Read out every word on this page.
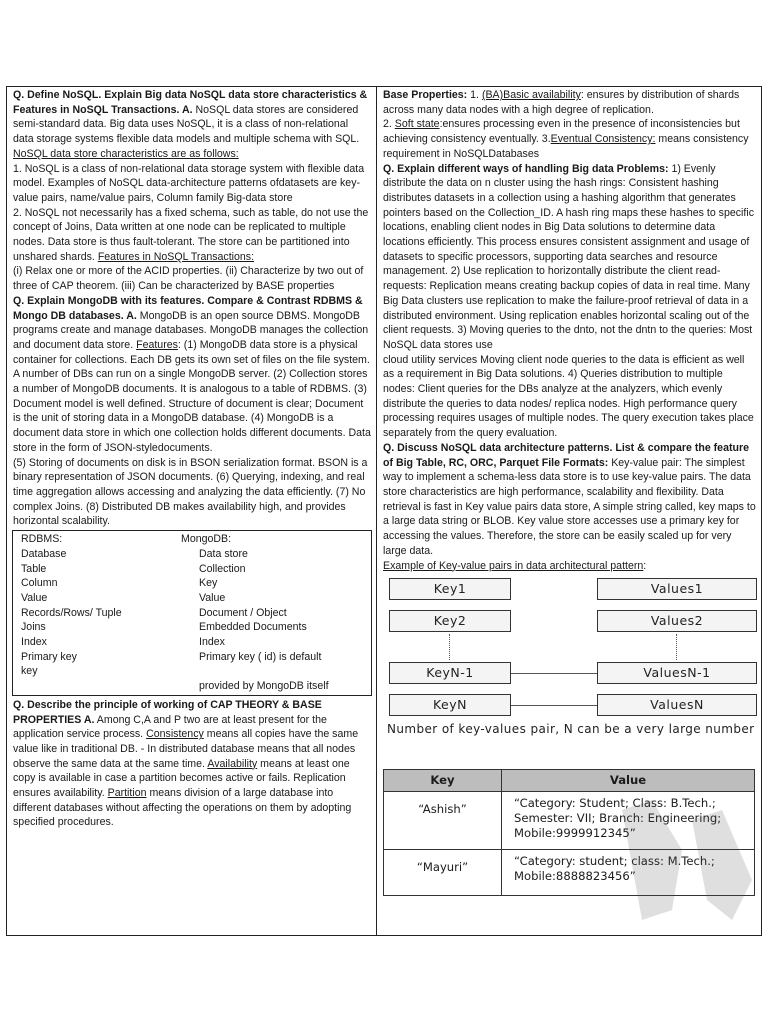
Q. Define NoSQL. Explain Big data NoSQL data store characteristics & Features in NoSQL Transactions. A. NoSQL data stores are considered semi-standard data. Big data uses NoSQL, it is a class of non-relational data storage systems flexible data models and multiple schema with SQL. NoSQL data store characteristics are as follows:

1. NoSQL is a class of non-relational data storage system with flexible data model. Examples of NoSQL data-architecture patterns ofdatasets are key-value pairs, name/value pairs, Column family Big-data store

2. NoSQL not necessarily has a fixed schema, such as table, do not use the concept of Joins, Data written at one node can be replicated to multiple nodes. Data store is thus fault-tolerant. The store can be partitioned into unshared shards. Features in NoSQL Transactions:

(i) Relax one or more of the ACID properties. (ii) Characterize by two out of three of CAP theorem. (iii) Can be characterized by BASE properties

Q. Explain MongoDB with its features. Compare & Contrast RDBMS & Mongo DB databases. A. MongoDB is an open source DBMS. MongoDB programs create and manage databases. MongoDB manages the collection and document data store. Features: (1) MongoDB data store is a physical container for collections. Each DB gets its own set of files on the file system. A number of DBs can run on a single MongoDB server. (2) Collection stores a number of MongoDB documents. It is analogous to a table of RDBMS. (3) Document model is well defined. Structure of document is clear; Document is the unit of storing data in a MongoDB database. (4) MongoDB is a document data store in which one collection holds different documents. Data store in the form of JSON-styledocuments.

(5) Storing of documents on disk is in BSON serialization format. BSON is a binary representation of JSON documents. (6) Querying, indexing, and real time aggregation allows accessing and analyzing the data efficiently. (7) No complex Joins. (8) Distributed DB makes availability high, and provides horizontal scalability.

RDBMS:	MongoDB:
Database	Data store
Table	Collection
Column	Key
Value	Value
Records/Rows/ Tuple	Document / Object
Joins	Embedded Documents
Index	Index
Primary key	Primary key ( id) is default
key
provided by MongoDB itself

Q. Describe the principle of working of CAP THEORY & BASE PROPERTIES A. Among C,A and P two are at least present for the application service process. Consistency means all copies have the same value like in traditional DB. - In distributed database means that all nodes observe the same data at the same time. Availability means at least one copy is available in case a partition becomes active or fails. Replication ensures availability. Partition means division of a large database into different databases without affecting the operations on them by adopting specified procedures.

Base Properties: 1. (BA)Basic availability: ensures by distribution of shards across many data nodes with a high degree of replication.

2. Soft state:ensures processing even in the presence of inconsistencies but achieving consistency eventually. 3.Eventual Consistency: means consistency requirement in NoSQLDatabases

Q. Explain different ways of handling Big data Problems: 1) Evenly distribute the data on n cluster using the hash rings: Consistent hashing distributes datasets in a collection using a hashing algorithm that generates pointers based on the Collection_ID. A hash ring maps these hashes to specific locations, enabling client nodes in Big Data solutions to determine data locations efficiently. This process ensures consistent assignment and usage of datasets to specific processors, supporting data searches and resource management. 2) Use replication to horizontally distribute the client read-requests: Replication means creating backup copies of data in real time. Many Big Data clusters use replication to make the failure-proof retrieval of data in a distributed environment. Using replication enables horizontal scaling out of the client requests. 3) Moving queries to the dnto, not the dntn to the queries: Most NoSQL data stores use

cloud utility services Moving client node queries to the data is efficient as well as a requirement in Big Data solutions. 4) Queries distribution to multiple nodes: Client queries for the DBs analyze at the analyzers, which evenly distribute the queries to data nodes/ replica nodes. High performance query processing requires usages of multiple nodes. The query execution takes place separately from the query evaluation.

Q. Discuss NoSQL data architecture patterns. List & compare the feature of Big Table, RC, ORC, Parquet File Formats: Key-value pair: The simplest way to implement a schema-less data store is to use key-value pairs. The data store characteristics are high performance, scalability and flexibility. Data retrieval is fast in Key value pairs data store, A simple string called, key maps to a large data string or BLOB. Key value store accesses use a primary key for accessing the values. Therefore, the store can be easily scaled up for very large data.

Example of Key-value pairs in data architectural pattern:

Key1	Values1
Key2	Values2
KeyN-1	ValuesN-1
KeyN	ValuesN
Number of key-values pair, N can be a very large number
Key	Value
“Ashish”	“Category: Student; Class: B.Tech.; Semester: VII; Branch: Engineering; Mobile:9999912345”
“Mayuri”	“Category: student; class: M.Tech.; Mobile:8888823456”
